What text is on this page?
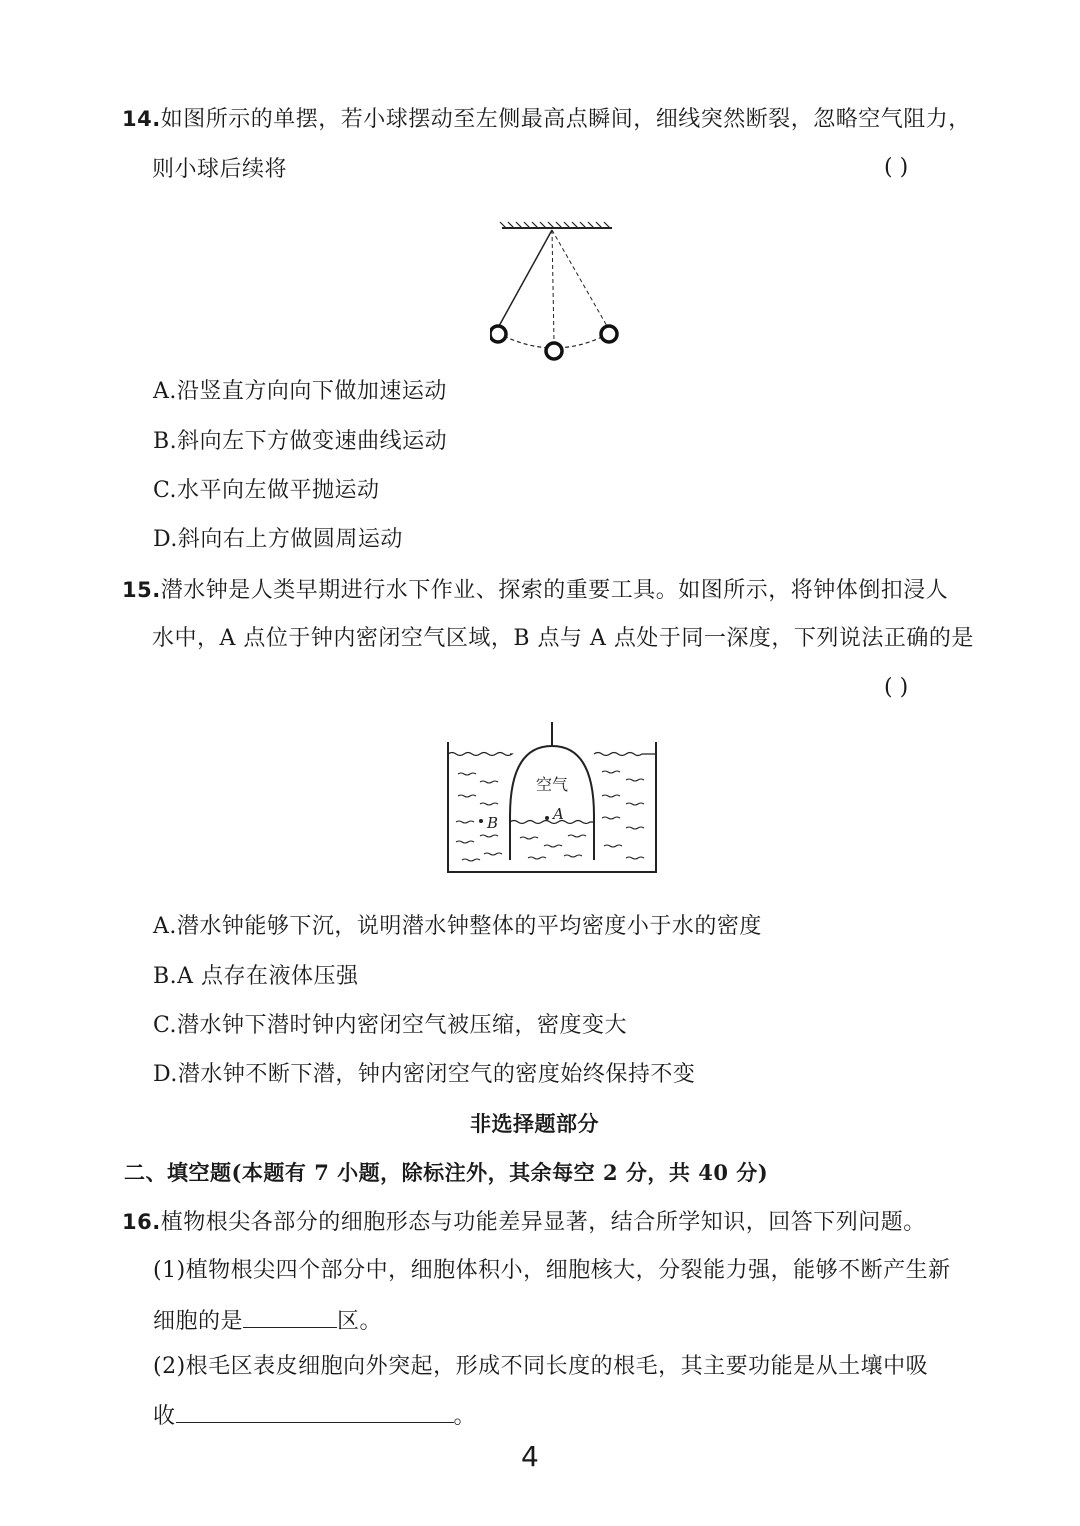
14.如图所示的单摆，若小球摆动至左侧最高点瞬间，细线突然断裂，忽略空气阻力，
则小球后续将	( )
A.沿竖直方向向下做加速运动
B.斜向左下方做变速曲线运动
C.水平向左做平抛运动
D.斜向右上方做圆周运动
15.潜水钟是人类早期进行水下作业、探索的重要工具。如图所示，将钟体倒扣浸人
水中，A 点位于钟内密闭空气区域，B 点与 A 点处于同一深度，下列说法正确的是
( )
空气
B	A
A.潜水钟能够下沉，说明潜水钟整体的平均密度小于水的密度
B.A 点存在液体压强
C.潜水钟下潜时钟内密闭空气被压缩，密度变大
D.潜水钟不断下潜，钟内密闭空气的密度始终保持不变
非选择题部分
二、填空题(本题有 7 小题，除标注外，其余每空 2 分，共 40 分)
16.植物根尖各部分的细胞形态与功能差异显著，结合所学知识，回答下列问题。
(1)植物根尖四个部分中，细胞体积小，细胞核大，分裂能力强，能够不断产生新
细胞的是	区。
(2)根毛区表皮细胞向外突起，形成不同长度的根毛，其主要功能是从土壤中吸
收	。
4
